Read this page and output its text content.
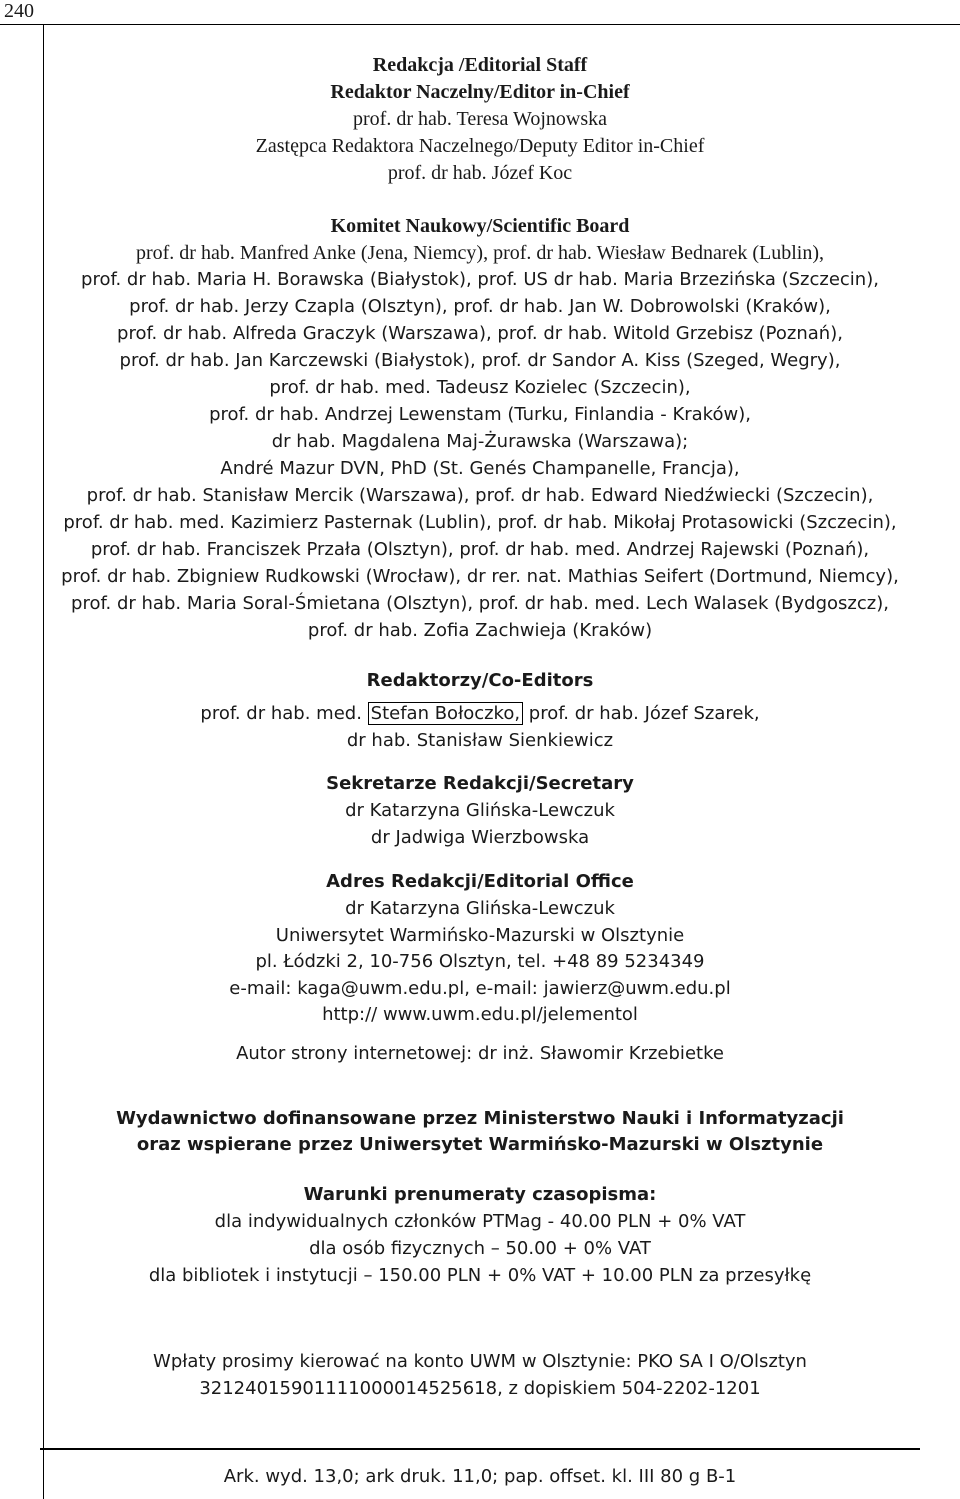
240
Redakcja /Editorial Staff
Redaktor Naczelny/Editor in-Chief
prof. dr hab. Teresa Wojnowska
Zastępca Redaktora Naczelnego/Deputy Editor in-Chief
prof. dr hab. Józef Koc
Komitet Naukowy/Scientific Board
prof. dr hab. Manfred Anke (Jena, Niemcy), prof. dr hab. Wiesław Bednarek (Lublin),
prof. dr hab. Maria H. Borawska (Białystok), prof. US dr hab. Maria Brzezińska (Szczecin),
prof. dr hab. Jerzy Czapla (Olsztyn), prof. dr hab. Jan W. Dobrowolski (Kraków),
prof. dr hab. Alfreda Graczyk (Warszawa), prof. dr hab. Witold Grzebisz (Poznań),
prof. dr hab. Jan Karczewski (Białystok), prof. dr Sandor A. Kiss (Szeged, Wegry),
prof. dr hab. med. Tadeusz Kozielec (Szczecin),
prof. dr hab. Andrzej Lewenstam (Turku, Finlandia - Kraków),
dr hab. Magdalena Maj-Żurawska (Warszawa);
André Mazur DVN, PhD (St. Genés Champanelle, Francja),
prof. dr hab. Stanisław Mercik (Warszawa), prof. dr hab. Edward Niedźwiecki (Szczecin),
prof. dr hab. med. Kazimierz Pasternak (Lublin), prof. dr hab. Mikołaj Protasowicki (Szczecin),
prof. dr hab. Franciszek Przała (Olsztyn), prof. dr hab. med. Andrzej Rajewski (Poznań),
prof. dr hab. Zbigniew Rudkowski (Wrocław), dr rer. nat. Mathias Seifert (Dortmund, Niemcy),
prof. dr hab. Maria Soral-Śmietana (Olsztyn), prof. dr hab. med. Lech Walasek (Bydgoszcz),
prof. dr hab. Zofia Zachwieja (Kraków)
Redaktorzy/Co-Editors
prof. dr hab. med. Stefan Bołoczko, prof. dr hab. Józef Szarek,
dr hab. Stanisław Sienkiewicz
Sekretarze Redakcji/Secretary
dr Katarzyna Glińska-Lewczuk
dr Jadwiga Wierzbowska
Adres Redakcji/Editorial Office
dr Katarzyna Glińska-Lewczuk
Uniwersytet Warmińsko-Mazurski w Olsztynie
pl. Łódzki 2, 10-756 Olsztyn, tel. +48 89 5234349
e-mail: kaga@uwm.edu.pl, e-mail: jawierz@uwm.edu.pl
http:// www.uwm.edu.pl/jelementol
Autor strony internetowej: dr inż. Sławomir Krzebietke
Wydawnictwo dofinansowane przez Ministerstwo Nauki i Informatyzacji
oraz wspierane przez Uniwersytet Warmińsko-Mazurski w Olsztynie
Warunki prenumeraty czasopisma:
dla indywidualnych członków PTMag - 40.00 PLN + 0% VAT
dla osób fizycznych – 50.00 + 0% VAT
dla bibliotek i instytucji – 150.00 PLN + 0% VAT + 10.00 PLN za przesyłkę
Wpłaty prosimy kierować na konto UWM w Olsztynie: PKO SA I O/Olsztyn
32124015901111000014525618, z dopiskiem 504-2202-1201
Ark. wyd. 13,0; ark druk. 11,0; pap. offset. kl. III 80 g B-1
